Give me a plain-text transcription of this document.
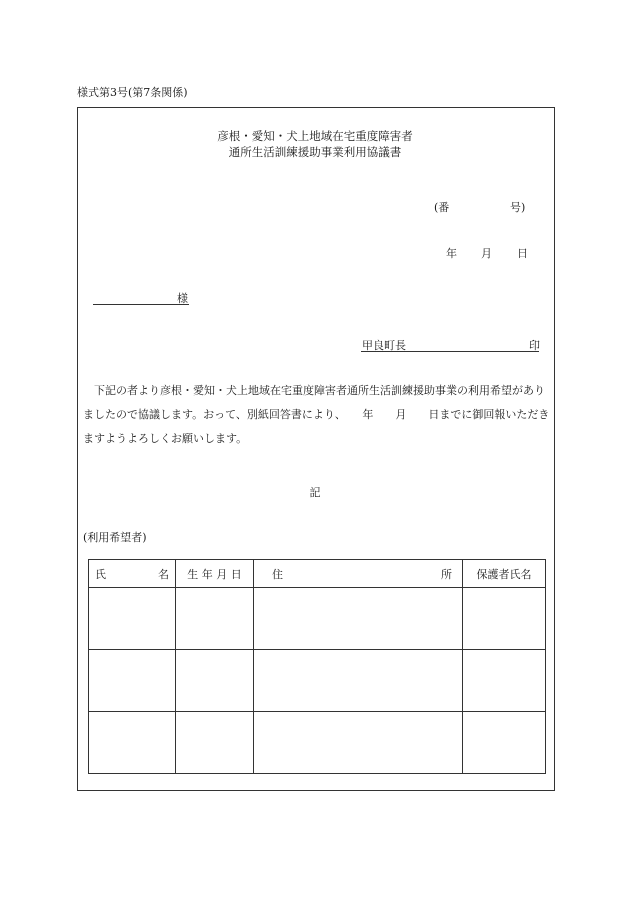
様式第3号(第7条関係)
彦根・愛知・犬上地域在宅重度障害者
通所生活訓練援助事業利用協議書
(番	号)
年 月 日
様
甲良町長	印

下記の者より彦根・愛知・犬上地域在宅重度障害者通所生活訓練援助事業の利用希望がありましたので協議します。おって、別紙回答書により、　　年　　月　　日までに御回報いただきますようよろしくお願いします。

記
(利用希望者)
氏 名	生 年 月 日	住 所	保護者氏名
